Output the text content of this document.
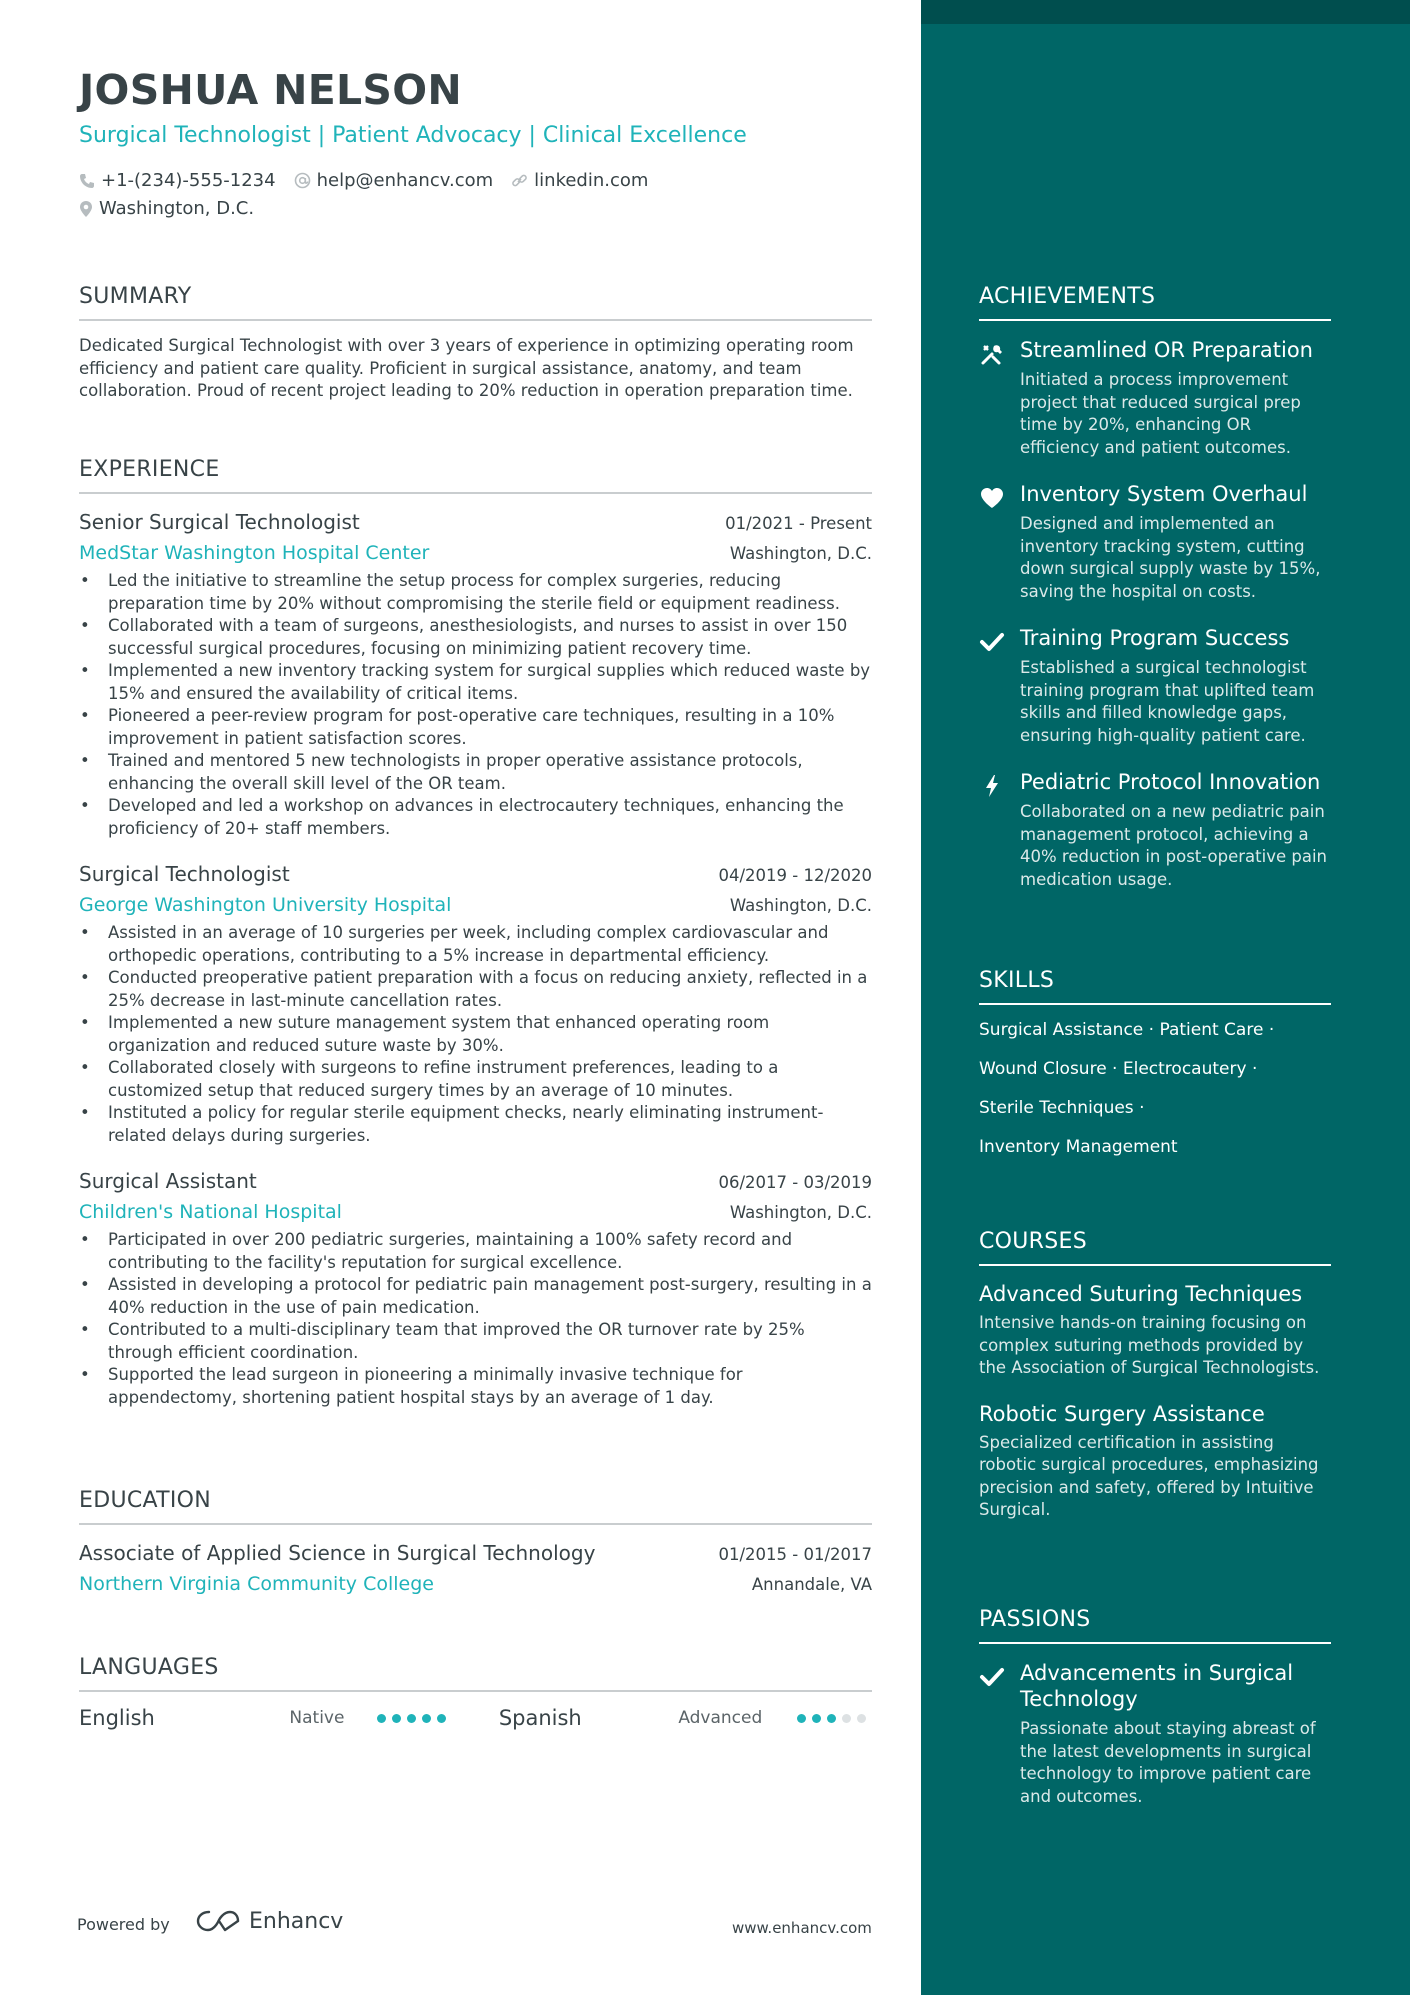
JOSHUA NELSON
Surgical Technologist | Patient Advocacy | Clinical Excellence
+1-(234)-555-1234 help@enhancv.com linkedin.com
Washington, D.C.
SUMMARY
Dedicated Surgical Technologist with over 3 years of experience in optimizing operating room efficiency and patient care quality. Proficient in surgical assistance, anatomy, and team collaboration. Proud of recent project leading to 20% reduction in operation preparation time.
EXPERIENCE
Senior Surgical Technologist	01/2021 - Present
MedStar Washington Hospital Center	Washington, D.C.
• Led the initiative to streamline the setup process for complex surgeries, reducing preparation time by 20% without compromising the sterile field or equipment readiness.
• Collaborated with a team of surgeons, anesthesiologists, and nurses to assist in over 150 successful surgical procedures, focusing on minimizing patient recovery time.
• Implemented a new inventory tracking system for surgical supplies which reduced waste by 15% and ensured the availability of critical items.
• Pioneered a peer-review program for post-operative care techniques, resulting in a 10% improvement in patient satisfaction scores.
• Trained and mentored 5 new technologists in proper operative assistance protocols, enhancing the overall skill level of the OR team.
• Developed and led a workshop on advances in electrocautery techniques, enhancing the proficiency of 20+ staff members.
Surgical Technologist	04/2019 - 12/2020
George Washington University Hospital	Washington, D.C.
• Assisted in an average of 10 surgeries per week, including complex cardiovascular and orthopedic operations, contributing to a 5% increase in departmental efficiency.
• Conducted preoperative patient preparation with a focus on reducing anxiety, reflected in a 25% decrease in last-minute cancellation rates.
• Implemented a new suture management system that enhanced operating room organization and reduced suture waste by 30%.
• Collaborated closely with surgeons to refine instrument preferences, leading to a customized setup that reduced surgery times by an average of 10 minutes.
• Instituted a policy for regular sterile equipment checks, nearly eliminating instrument-related delays during surgeries.
Surgical Assistant	06/2017 - 03/2019
Children's National Hospital	Washington, D.C.
• Participated in over 200 pediatric surgeries, maintaining a 100% safety record and contributing to the facility's reputation for surgical excellence.
• Assisted in developing a protocol for pediatric pain management post-surgery, resulting in a 40% reduction in the use of pain medication.
• Contributed to a multi-disciplinary team that improved the OR turnover rate by 25% through efficient coordination.
• Supported the lead surgeon in pioneering a minimally invasive technique for appendectomy, shortening patient hospital stays by an average of 1 day.
EDUCATION
Associate of Applied Science in Surgical Technology	01/2015 - 01/2017
Northern Virginia Community College	Annandale, VA
LANGUAGES
English	Native	Spanish	Advanced
Powered by	Enhancv	www.enhancv.com
ACHIEVEMENTS
Streamlined OR Preparation
Initiated a process improvement project that reduced surgical prep time by 20%, enhancing OR efficiency and patient outcomes.
Inventory System Overhaul
Designed and implemented an inventory tracking system, cutting down surgical supply waste by 15%, saving the hospital on costs.
Training Program Success
Established a surgical technologist training program that uplifted team skills and filled knowledge gaps, ensuring high-quality patient care.
Pediatric Protocol Innovation
Collaborated on a new pediatric pain management protocol, achieving a 40% reduction in post-operative pain medication usage.
SKILLS
Surgical Assistance · Patient Care ·
Wound Closure · Electrocautery ·
Sterile Techniques ·
Inventory Management
COURSES
Advanced Suturing Techniques
Intensive hands-on training focusing on complex suturing methods provided by the Association of Surgical Technologists.
Robotic Surgery Assistance
Specialized certification in assisting robotic surgical procedures, emphasizing precision and safety, offered by Intuitive Surgical.
PASSIONS
Advancements in Surgical Technology
Passionate about staying abreast of the latest developments in surgical technology to improve patient care and outcomes.
